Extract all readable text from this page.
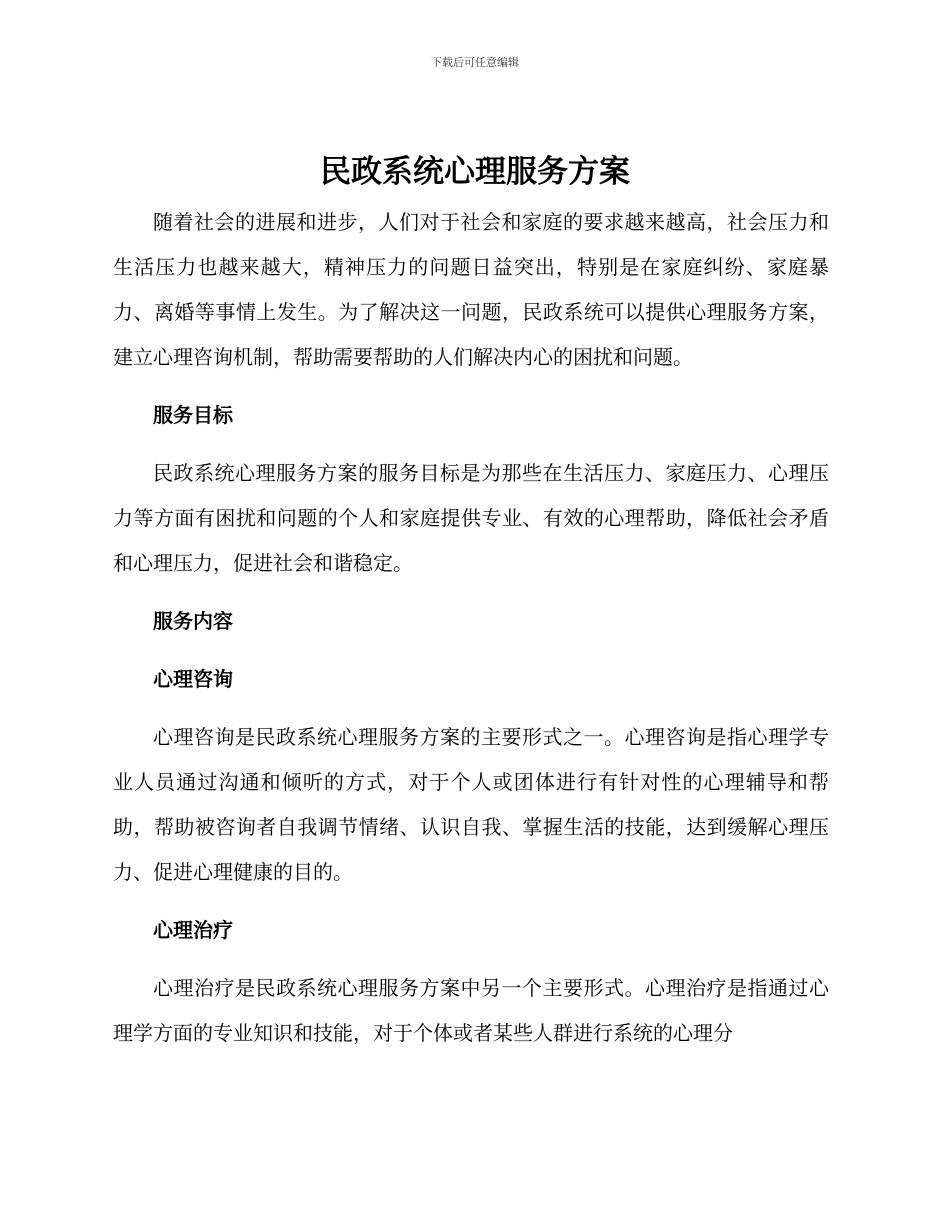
下载后可任意编辑
民政系统心理服务方案

随着社会的进展和进步，人们对于社会和家庭的要求越来越高，社会压力和生活压力也越来越大，精神压力的问题日益突出，特别是在家庭纠纷、家庭暴力、离婚等事情上发生。为了解决这一问题，民政系统可以提供心理服务方案，建立心理咨询机制，帮助需要帮助的人们解决内心的困扰和问题。

服务目标

民政系统心理服务方案的服务目标是为那些在生活压力、家庭压力、心理压力等方面有困扰和问题的个人和家庭提供专业、有效的心理帮助，降低社会矛盾和心理压力，促进社会和谐稳定。

服务内容

心理咨询

心理咨询是民政系统心理服务方案的主要形式之一。心理咨询是指心理学专业人员通过沟通和倾听的方式，对于个人或团体进行有针对性的心理辅导和帮助，帮助被咨询者自我调节情绪、认识自我、掌握生活的技能，达到缓解心理压力、促进心理健康的目的。

心理治疗

心理治疗是民政系统心理服务方案中另一个主要形式。心理治疗是指通过心理学方面的专业知识和技能，对于个体或者某些人群进行系统的心理分
